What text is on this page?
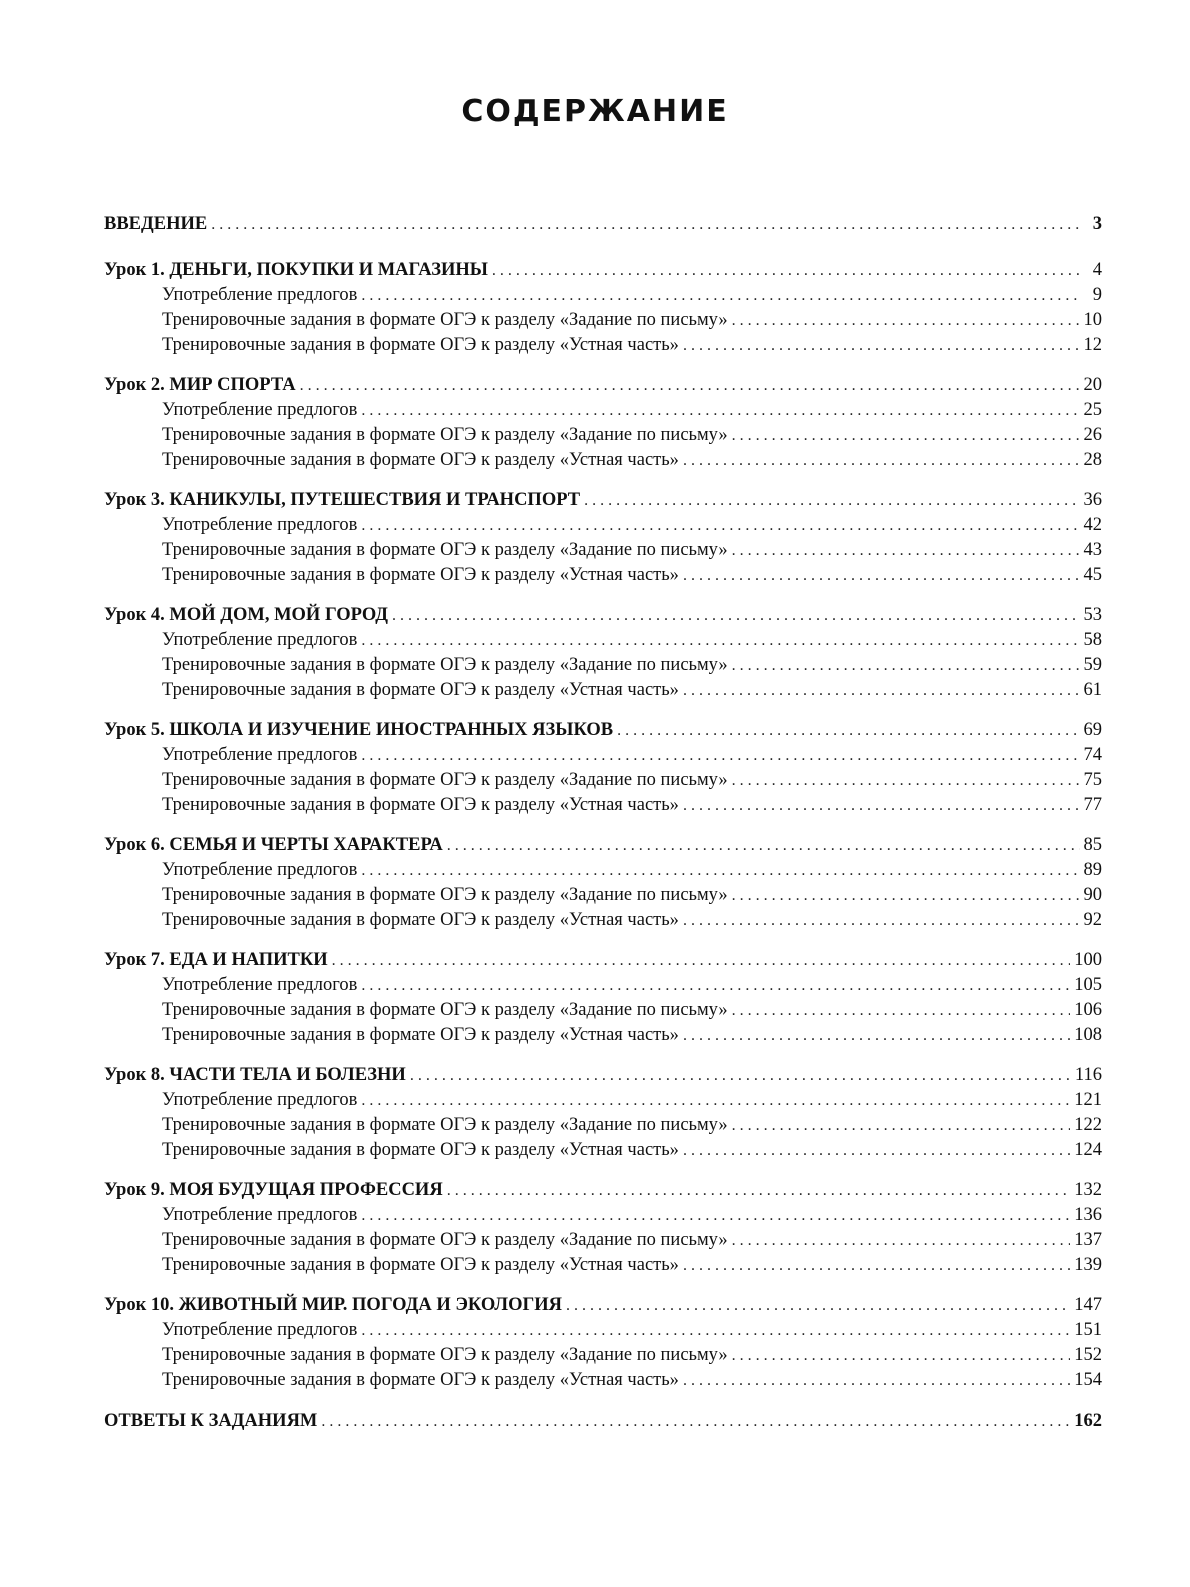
СОДЕРЖАНИЕ
ВВЕДЕНИЕ . . .	3
Урок 1. ДЕНЬГИ, ПОКУПКИ И МАГАЗИНЫ . . .	4
Употребление предлогов . . .	9
Тренировочные задания в формате ОГЭ к разделу «Задание по письму» . . .	10
Тренировочные задания в формате ОГЭ к разделу «Устная часть» . . .	12
Урок 2. МИР СПОРТА . . .	20
Употребление предлогов . . .	25
Тренировочные задания в формате ОГЭ к разделу «Задание по письму» . . .	26
Тренировочные задания в формате ОГЭ к разделу «Устная часть» . . .	28
Урок 3. КАНИКУЛЫ, ПУТЕШЕСТВИЯ И ТРАНСПОРТ . . .	36
Употребление предлогов . . .	42
Тренировочные задания в формате ОГЭ к разделу «Задание по письму» . . .	43
Тренировочные задания в формате ОГЭ к разделу «Устная часть» . . .	45
Урок 4. МОЙ ДОМ, МОЙ ГОРОД . . .	53
Употребление предлогов . . .	58
Тренировочные задания в формате ОГЭ к разделу «Задание по письму» . . .	59
Тренировочные задания в формате ОГЭ к разделу «Устная часть» . . .	61
Урок 5. ШКОЛА И ИЗУЧЕНИЕ ИНОСТРАННЫХ ЯЗЫКОВ . . .	69
Употребление предлогов . . .	74
Тренировочные задания в формате ОГЭ к разделу «Задание по письму» . . .	75
Тренировочные задания в формате ОГЭ к разделу «Устная часть» . . .	77
Урок 6. СЕМЬЯ И ЧЕРТЫ ХАРАКТЕРА . . .	85
Употребление предлогов . . .	89
Тренировочные задания в формате ОГЭ к разделу «Задание по письму» . . .	90
Тренировочные задания в формате ОГЭ к разделу «Устная часть» . . .	92
Урок 7. ЕДА И НАПИТКИ . . .	100
Употребление предлогов . . .	105
Тренировочные задания в формате ОГЭ к разделу «Задание по письму» . . .	106
Тренировочные задания в формате ОГЭ к разделу «Устная часть» . . .	108
Урок 8. ЧАСТИ ТЕЛА И БОЛЕЗНИ . . .	116
Употребление предлогов . . .	121
Тренировочные задания в формате ОГЭ к разделу «Задание по письму» . . .	122
Тренировочные задания в формате ОГЭ к разделу «Устная часть» . . .	124
Урок 9. МОЯ БУДУЩАЯ ПРОФЕССИЯ . . .	132
Употребление предлогов . . .	136
Тренировочные задания в формате ОГЭ к разделу «Задание по письму» . . .	137
Тренировочные задания в формате ОГЭ к разделу «Устная часть» . . .	139
Урок 10. ЖИВОТНЫЙ МИР. ПОГОДА И ЭКОЛОГИЯ . . .	147
Употребление предлогов . . .	151
Тренировочные задания в формате ОГЭ к разделу «Задание по письму» . . .	152
Тренировочные задания в формате ОГЭ к разделу «Устная часть» . . .	154
ОТВЕТЫ К ЗАДАНИЯМ . . .	162
